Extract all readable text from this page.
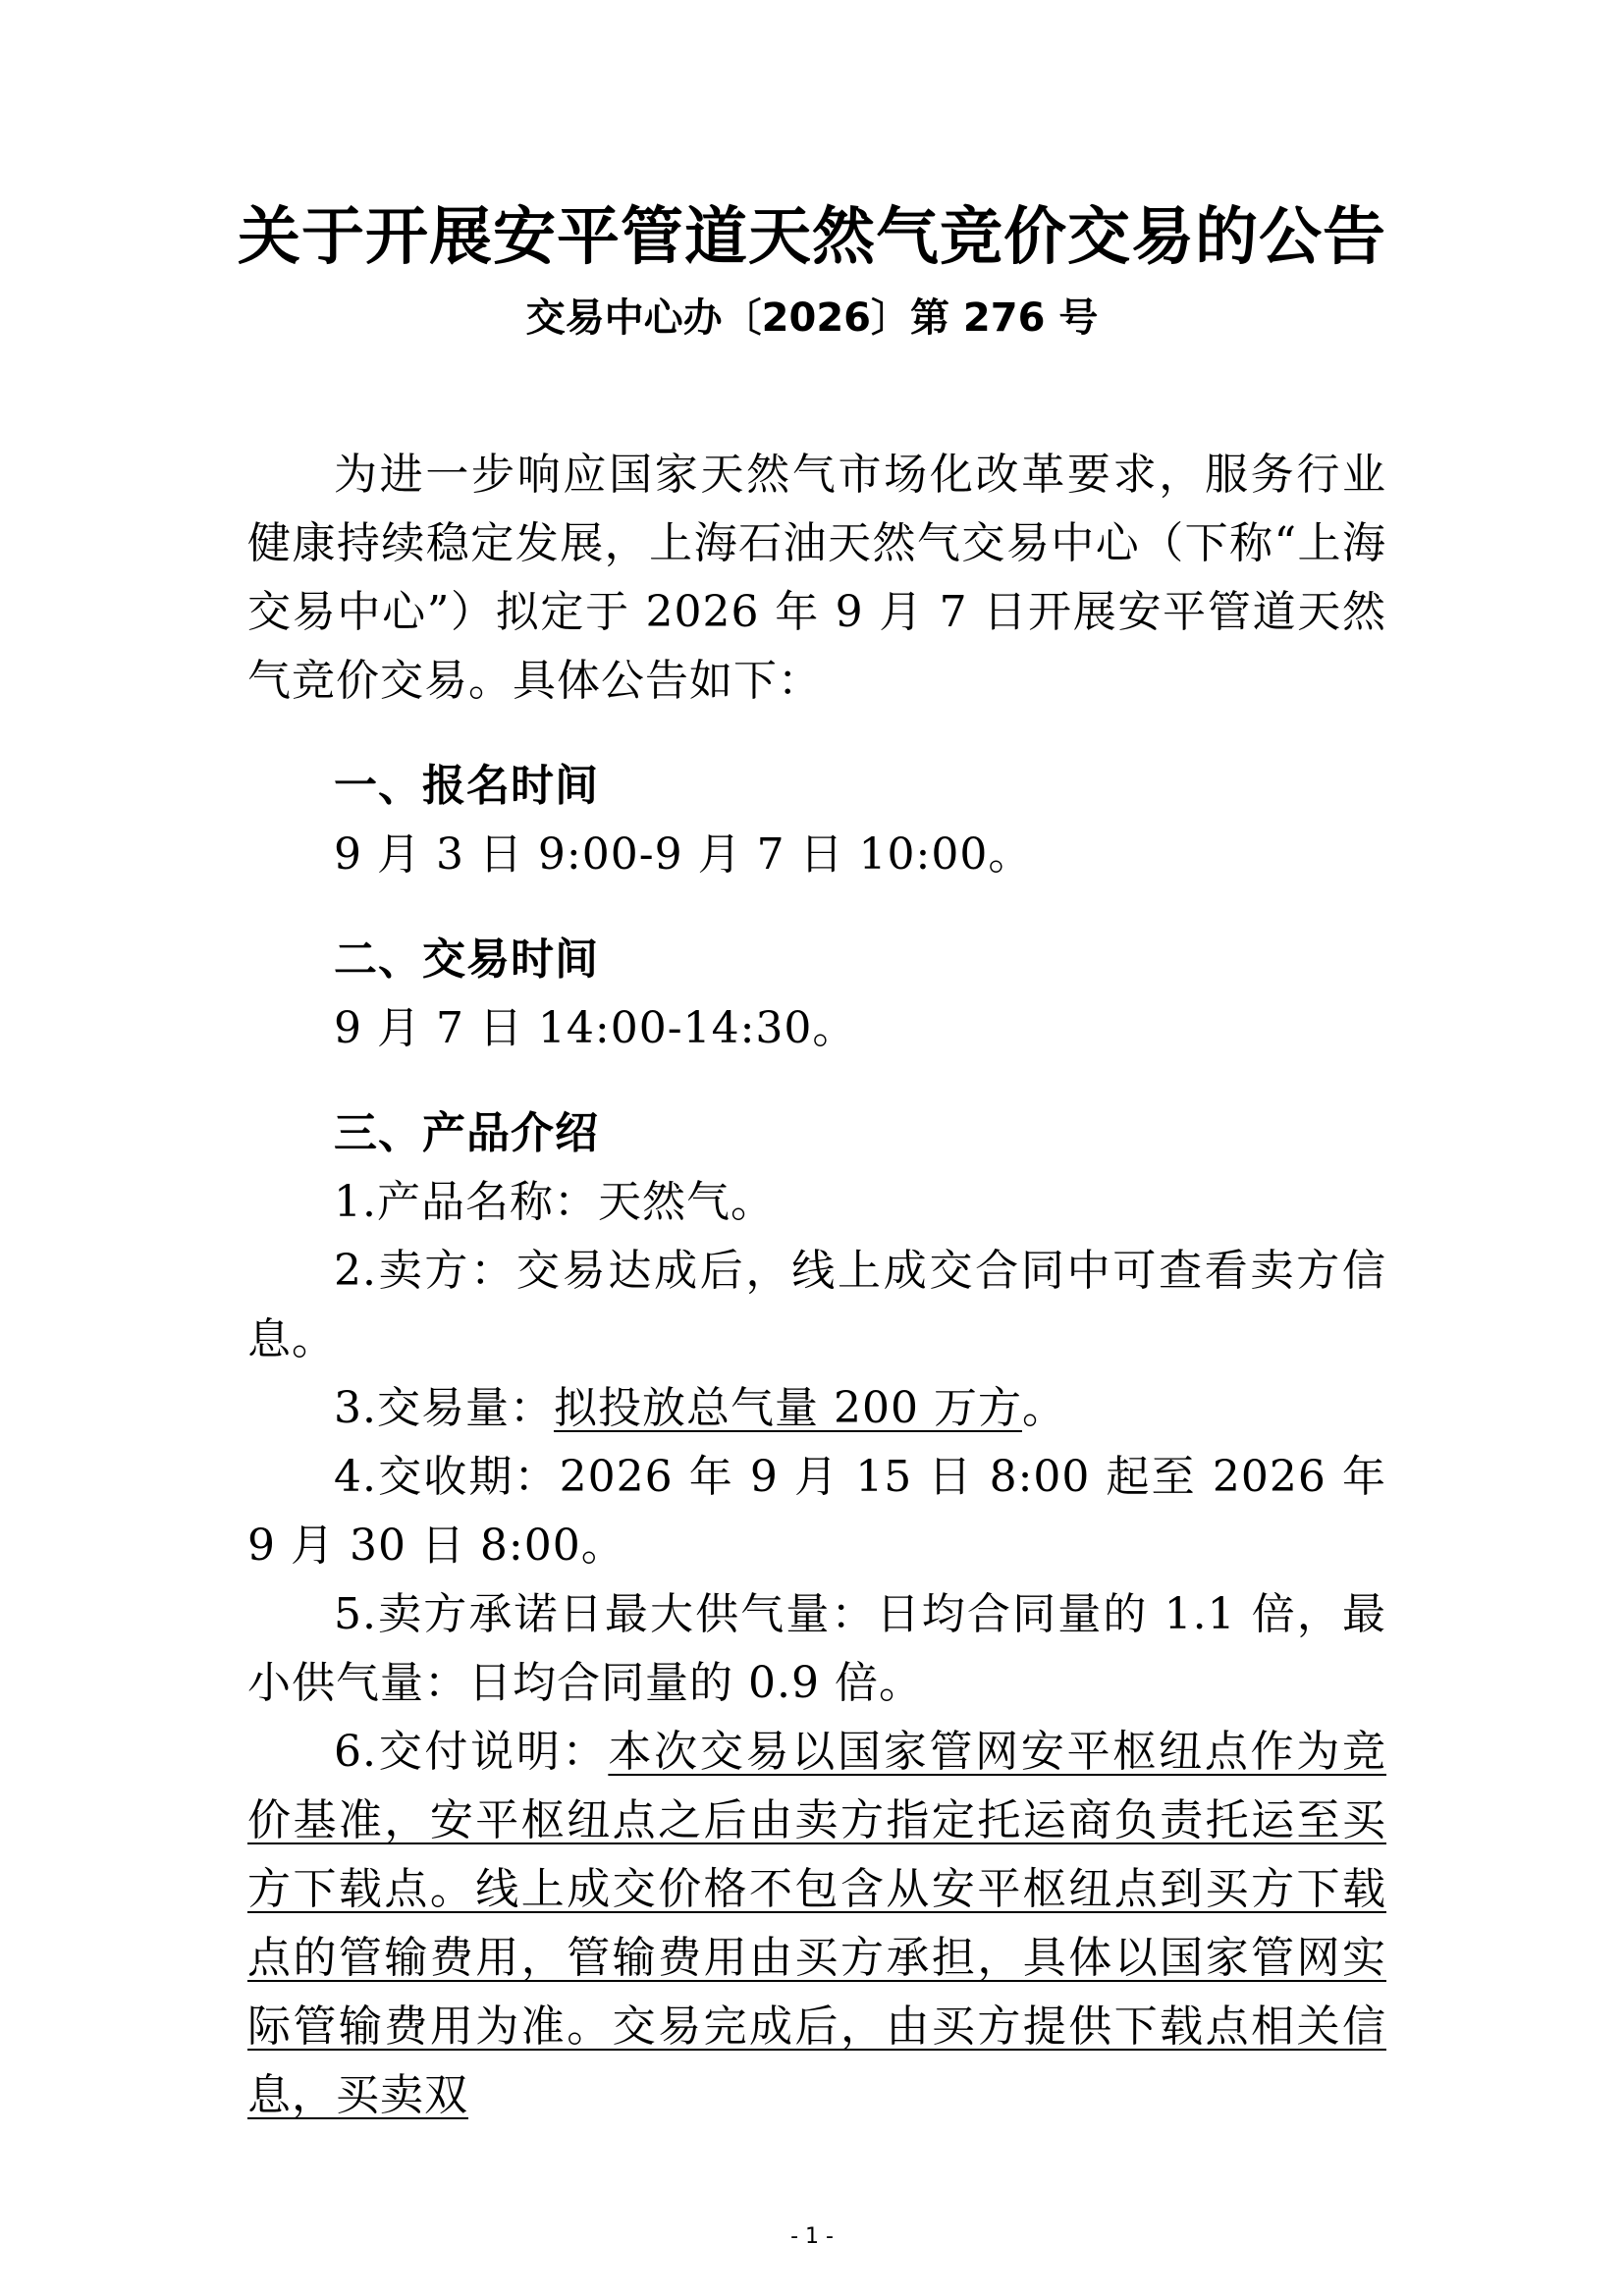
关于开展安平管道天然气竞价交易的公告
交易中心办〔2026〕第 276 号

为进一步响应国家天然气市场化改革要求，服务行业健康持续稳定发展，上海石油天然气交易中心（下称“上海交易中心”）拟定于 2026 年 9 月 7 日开展安平管道天然气竞价交易。具体公告如下：

一、报名时间

9 月 3 日 9:00-9 月 7 日 10:00。

二、交易时间

9 月 7 日 14:00-14:30。

三、产品介绍

1.产品名称：天然气。

2.卖方：交易达成后，线上成交合同中可查看卖方信息。

3.交易量：拟投放总气量 200 万方。

4.交收期：2026 年 9 月 15 日 8:00 起至 2026 年 9 月 30 日 8:00。

5.卖方承诺日最大供气量：日均合同量的 1.1 倍，最小供气量：日均合同量的 0.9 倍。

6.交付说明：本次交易以国家管网安平枢纽点作为竞价基准，安平枢纽点之后由卖方指定托运商负责托运至买方下载点。线上成交价格不包含从安平枢纽点到买方下载点的管输费用，管输费用由买方承担，具体以国家管网实际管输费用为准。交易完成后，由买方提供下载点相关信息，买卖双

- 1 -
